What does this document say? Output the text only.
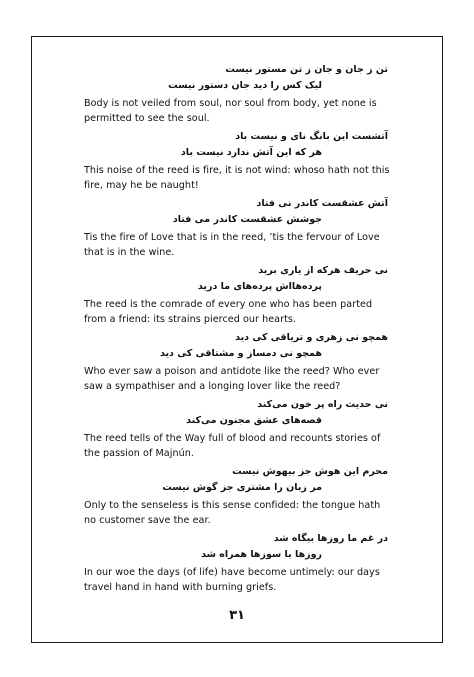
تن ز جان و جان ز تن مستور نيست
ليک کس را ديد جان دستور نيست

Body is not veiled from soul, nor soul from body, yet none is permitted to see the soul.

آتشست اين بانگ نای و نيست باد
هر که اين آتش ندارد نيست باد

This noise of the reed is fire, it is not wind: whoso hath not this fire, may he be naught!

آتش عشقست کاندر نی فتاد
جوشش عشقست کاندر می فتاد

Tis the fire of Love that is in the reed, ’tis the fervour of Love that is in the wine.

نی حريف هرکه از ياری بريد
پرده‌هااش پرده‌های ما دريد

The reed is the comrade of every one who has been parted from a friend: its strains pierced our hearts.

همچو نی زهری و ترياقی کی ديد
همچو نی دمساز و مشتاقی کی ديد

Who ever saw a poison and antidote like the reed? Who ever saw a sympathiser and a longing lover like the reed?

نی حديث راه پر خون می‌کند
قصه‌های عشق مجنون می‌کند

The reed tells of the Way full of blood and recounts stories of the passion of Majnún.

محرم اين هوش جز بيهوش نيست
مر زبان را مشتری جز گوش نيست

Only to the senseless is this sense confided: the tongue hath no customer save the ear.

در غم ما روزها بيگاه شد
روزها با سوزها همراه شد

In our woe the days (of life) have become untimely: our days travel hand in hand with burning griefs.

۳۱
